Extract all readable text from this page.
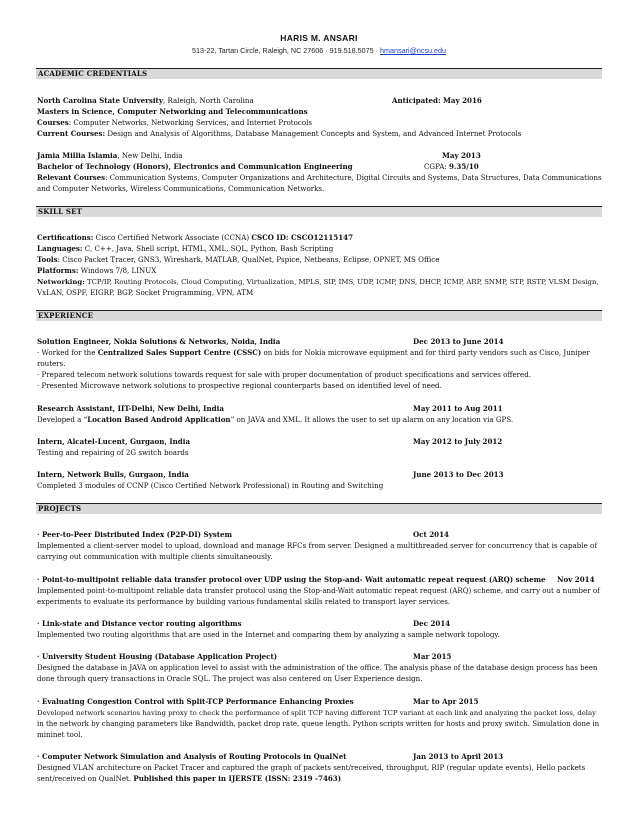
HARIS M. ANSARI
513-22, Tartan Circle, Raleigh, NC 27606 · 919.518.5075 · hmansari@ncsu.edu
ACADEMIC CREDENTIALS
North Carolina State University, Raleigh, North Carolina	Anticipated: May 2016
Masters in Science, Computer Networking and Telecommunications
Courses: Computer Networks, Networking Services, and Internet Protocols
Current Courses: Design and Analysis of Algorithms, Database Management Concepts and System, and Advanced Internet Protocols
Jamia Millia Islamia, New Delhi, India	May 2013
Bachelor of Technology (Honors), Electronics and Communication Engineering	CGPA: 9.35/10
Relevant Courses: Communication Systems, Computer Organizations and Architecture, Digital Circuits and Systems, Data Structures, Data Communications
and Computer Networks, Wireless Communications, Communication Networks.
SKILL SET
Certifications: Cisco Certified Network Associate (CCNA) CSCO ID: CSCO12115147
Languages: C, C++, Java, Shell script, HTML, XML, SQL, Python, Bash Scripting
Tools: Cisco Packet Tracer, GNS3, Wireshark, MATLAB, QualNet, Pspice, Netbeans, Eclipse, OPNET, MS Office
Platforms: Windows 7/8, LINUX
Networking: TCP/IP, Routing Protocols, Cloud Computing, Virtualization, MPLS, SIP, IMS, UDP, ICMP, DNS, DHCP, ICMP, ARP, SNMP, STP, RSTP, VLSM Design,
VxLAN, OSPF, EIGRP, BGP, Socket Programming, VPN, ATM
EXPERIENCE
Solution Engineer, Nokia Solutions & Networks, Noida, India	Dec 2013 to June 2014
· Worked for the Centralized Sales Support Centre (CSSC) on bids for Nokia microwave equipment and for third party vendors such as Cisco, Juniper
routers.
· Prepared telecom network solutions towards request for sale with proper documentation of product specifications and services offered.
· Presented Microwave network solutions to prospective regional counterparts based on identified level of need.
Research Assistant, IIT-Delhi, New Delhi, India	May 2011 to Aug 2011
Developed a “Location Based Android Application” on JAVA and XML. It allows the user to set up alarm on any location via GPS.
Intern, Alcatel-Lucent, Gurgaon, India	May 2012 to July 2012
Testing and repairing of 2G switch boards
Intern, Network Bulls, Gurgaon, India	June 2013 to Dec 2013
Completed 3 modules of CCNP (Cisco Certified Network Professional) in Routing and Switching
PROJECTS
· Peer-to-Peer Distributed Index (P2P-DI) System	Oct 2014
Implemented a client-server model to upload, download and manage RFCs from server. Designed a multithreaded server for concurrency that is capable of
carrying out communication with multiple clients simultaneously.
· Point-to-multipoint reliable data transfer protocol over UDP using the Stop-and- Wait automatic repeat request (ARQ) scheme	Nov 2014
Implemented point-to-multipoint reliable data transfer protocol using the Stop-and-Wait automatic repeat request (ARQ) scheme, and carry out a number of
experiments to evaluate its performance by building various fundamental skills related to transport layer services.
· Link-state and Distance vector routing algorithms	Dec 2014
Implemented two routing algorithms that are used in the Internet and comparing them by analyzing a sample network topology.
· University Student Housing (Database Application Project)	Mar 2015
Designed the database in JAVA on application level to assist with the administration of the office. The analysis phase of the database design process has been
done through query transactions in Oracle SQL. The project was also centered on User Experience design.
· Evaluating Congestion Control with Split-TCP Performance Enhancing Proxies	Mar to Apr 2015
Developed network scenarios having proxy to check the performance of split TCP having different TCP variant at each link and analyzing the packet loss, delay
in the network by changing parameters like Bandwidth, packet drop rate, queue length. Python scripts written for hosts and proxy switch. Simulation done in
mininet tool.
· Computer Network Simulation and Analysis of Routing Protocols in QualNet	Jan 2013 to April 2013
Designed VLAN architecture on Packet Tracer and captured the graph of packets sent/received, throughput, RIP (regular update events), Hello packets
sent/received on QualNet. Published this paper in IJERSTE (ISSN: 2319 -7463)
